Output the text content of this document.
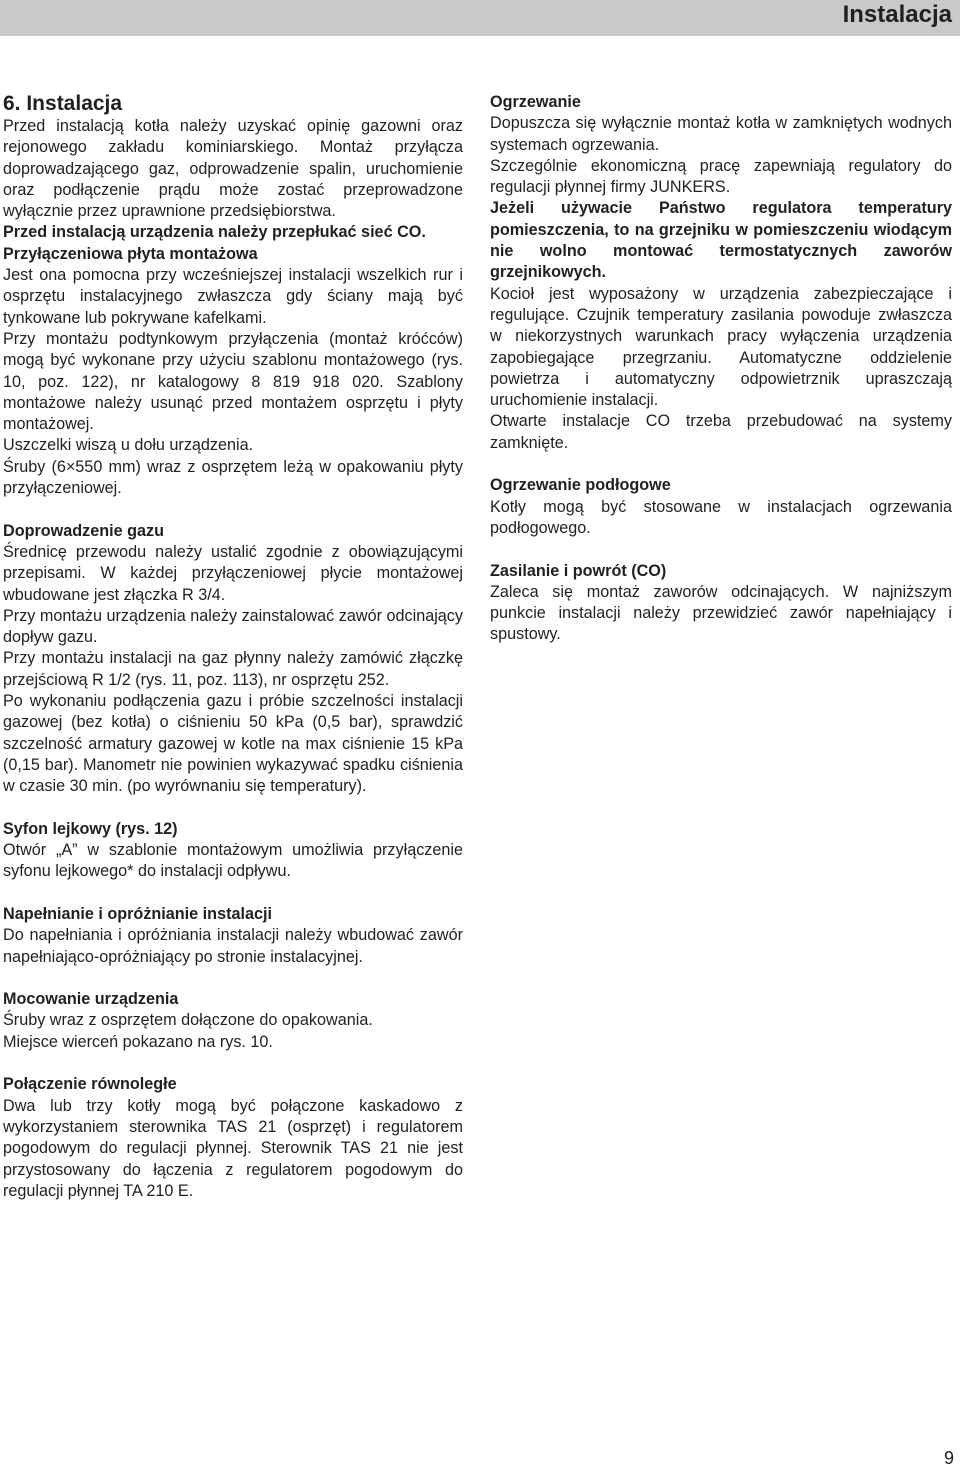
Instalacja
6. Instalacja

Przed instalacją kotła należy uzyskać opinię gazowni oraz rejonowego zakładu kominiarskiego. Montaż przyłącza doprowadzającego gaz, odprowadzenie spalin, uruchomienie oraz podłączenie prądu może zostać przeprowadzone wyłącznie przez uprawnione przedsiębiorstwa.

Przed instalacją urządzenia należy przepłukać sieć CO.

Przyłączeniowa płyta montażowa

Jest ona pomocna przy wcześniejszej instalacji wszelkich rur i osprzętu instalacyjnego zwłaszcza gdy ściany mają być tynkowane lub pokrywane kafelkami.

Przy montażu podtynkowym przyłączenia (montaż króćców) mogą być wykonane przy użyciu szablonu montażowego (rys. 10, poz. 122), nr katalogowy 8 819 918 020. Szablony montażowe należy usunąć przed montażem osprzętu i płyty montażowej.

Uszczelki wiszą u dołu urządzenia.

Śruby (6×550 mm) wraz z osprzętem leżą w opakowaniu płyty przyłączeniowej.

Doprowadzenie gazu

Średnicę przewodu należy ustalić zgodnie z obowiązującymi przepisami. W każdej przyłączeniowej płycie montażowej wbudowane jest złączka R 3/4.

Przy montażu urządzenia należy zainstalować zawór odcinający dopływ gazu.

Przy montażu instalacji na gaz płynny należy zamówić złączkę przejściową R 1/2 (rys. 11, poz. 113), nr osprzętu 252.

Po wykonaniu podłączenia gazu i próbie szczelności instalacji gazowej (bez kotła) o ciśnieniu 50 kPa (0,5 bar), sprawdzić szczelność armatury gazowej w kotle na max ciśnienie 15 kPa (0,15 bar). Manometr nie powinien wykazywać spadku ciśnienia w czasie 30 min. (po wyrównaniu się temperatury).

Syfon lejkowy (rys. 12)

Otwór „A” w szablonie montażowym umożliwia przyłączenie syfonu lejkowego* do instalacji odpływu.

Napełnianie i opróżnianie instalacji

Do napełniania i opróżniania instalacji należy wbudować zawór napełniająco-opróżniający po stronie instalacyjnej.

Mocowanie urządzenia

Śruby wraz z osprzętem dołączone do opakowania.

Miejsce wierceń pokazano na rys. 10.

Połączenie równoległe

Dwa lub trzy kotły mogą być połączone kaskadowo z wykorzystaniem sterownika TAS 21 (osprzęt) i regulatorem pogodowym do regulacji płynnej. Sterownik TAS 21 nie jest przystosowany do łączenia z regulatorem pogodowym do regulacji płynnej TA 210 E.

Ogrzewanie

Dopuszcza się wyłącznie montaż kotła w zamkniętych wodnych systemach ogrzewania.

Szczególnie ekonomiczną pracę zapewniają regulatory do regulacji płynnej firmy JUNKERS.

Jeżeli używacie Państwo regulatora temperatury pomieszczenia, to na grzejniku w pomieszczeniu wiodącym nie wolno montować termostatycznych zaworów grzejnikowych.

Kocioł jest wyposażony w urządzenia zabezpieczające i regulujące. Czujnik temperatury zasilania powoduje zwłaszcza w niekorzystnych warunkach pracy wyłączenia urządzenia zapobiegające przegrzaniu. Automatyczne oddzielenie powietrza i automatyczny odpowietrznik upraszczają uruchomienie instalacji.

Otwarte instalacje CO trzeba przebudować na systemy zamknięte.

Ogrzewanie podłogowe

Kotły mogą być stosowane w instalacjach ogrzewania podłogowego.

Zasilanie i powrót (CO)

Zaleca się montaż zaworów odcinających. W najniższym punkcie instalacji należy przewidzieć zawór napełniający i spustowy.

9
